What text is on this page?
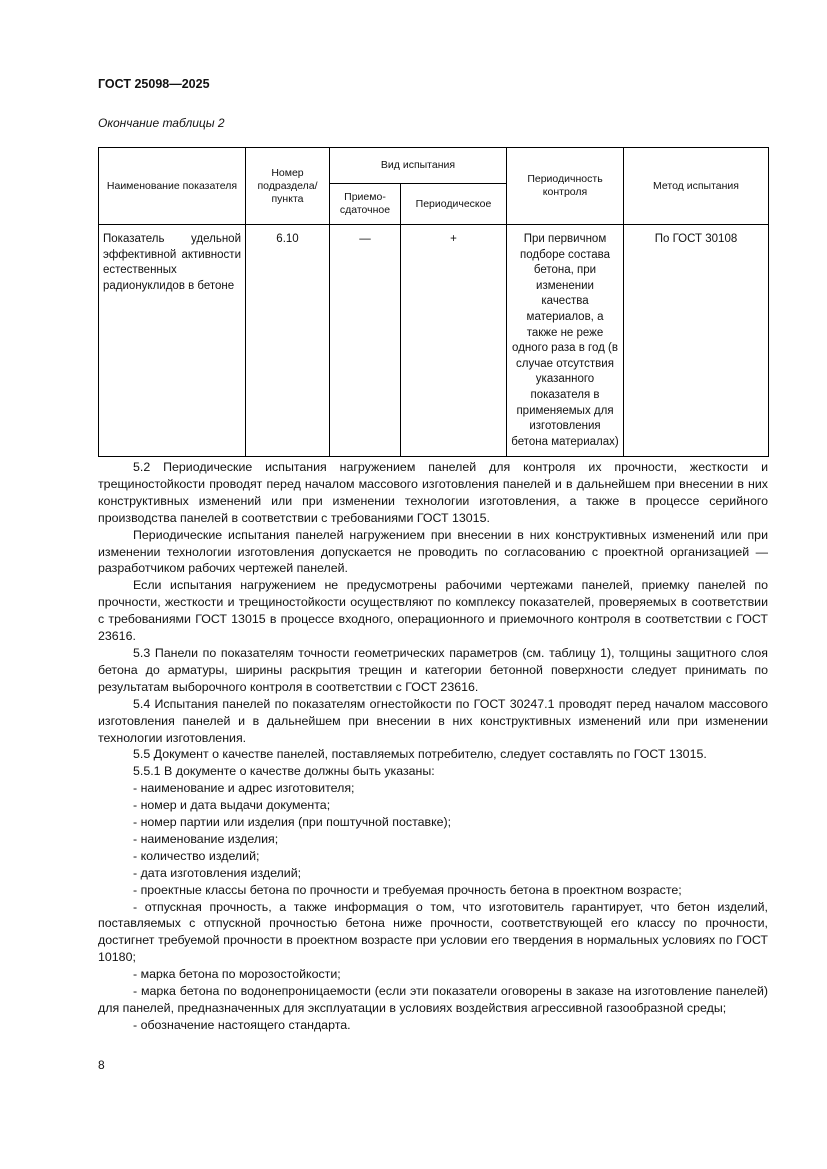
ГОСТ 25098—2025
Окончание таблицы 2
Наименование показателя	Номер подраздела/ пункта	Вид испытания		Периодичность контроля	Метод испытания
		Приемо-сдаточное	Периодическое		
Показатель удельной эффективной активности естественных радионуклидов в бетоне	6.10	—	+	При первичном подборе состава бетона, при изменении качества материалов, а также не реже одного раза в год (в случае отсутствия указанного показателя в применяемых для изготовления бетона материалах)	По ГОСТ 30108

5.2 Периодические испытания нагружением панелей для контроля их прочности, жесткости и трещиностойкости проводят перед началом массового изготовления панелей и в дальнейшем при внесении в них конструктивных изменений или при изменении технологии изготовления, а также в процессе серийного производства панелей в соответствии с требованиями ГОСТ 13015.

Периодические испытания панелей нагружением при внесении в них конструктивных изменений или при изменении технологии изготовления допускается не проводить по согласованию с проектной организацией — разработчиком рабочих чертежей панелей.

Если испытания нагружением не предусмотрены рабочими чертежами панелей, приемку панелей по прочности, жесткости и трещиностойкости осуществляют по комплексу показателей, проверяемых в соответствии с требованиями ГОСТ 13015 в процессе входного, операционного и приемочного контроля в соответствии с ГОСТ 23616.

5.3 Панели по показателям точности геометрических параметров (см. таблицу 1), толщины защитного слоя бетона до арматуры, ширины раскрытия трещин и категории бетонной поверхности следует принимать по результатам выборочного контроля в соответствии с ГОСТ 23616.

5.4 Испытания панелей по показателям огнестойкости по ГОСТ 30247.1 проводят перед началом массового изготовления панелей и в дальнейшем при внесении в них конструктивных изменений или при изменении технологии изготовления.

5.5 Документ о качестве панелей, поставляемых потребителю, следует составлять по ГОСТ 13015.

5.5.1 В документе о качестве должны быть указаны:

- наименование и адрес изготовителя;

- номер и дата выдачи документа;

- номер партии или изделия (при поштучной поставке);

- наименование изделия;

- количество изделий;

- дата изготовления изделий;

- проектные классы бетона по прочности и требуемая прочность бетона в проектном возрасте;

- отпускная прочность, а также информация о том, что изготовитель гарантирует, что бетон изделий, поставляемых с отпускной прочностью бетона ниже прочности, соответствующей его классу по прочности, достигнет требуемой прочности в проектном возрасте при условии его твердения в нормальных условиях по ГОСТ 10180;

- марка бетона по морозостойкости;

- марка бетона по водонепроницаемости (если эти показатели оговорены в заказе на изготовление панелей) для панелей, предназначенных для эксплуатации в условиях воздействия агрессивной газообразной среды;

- обозначение настоящего стандарта.

8
